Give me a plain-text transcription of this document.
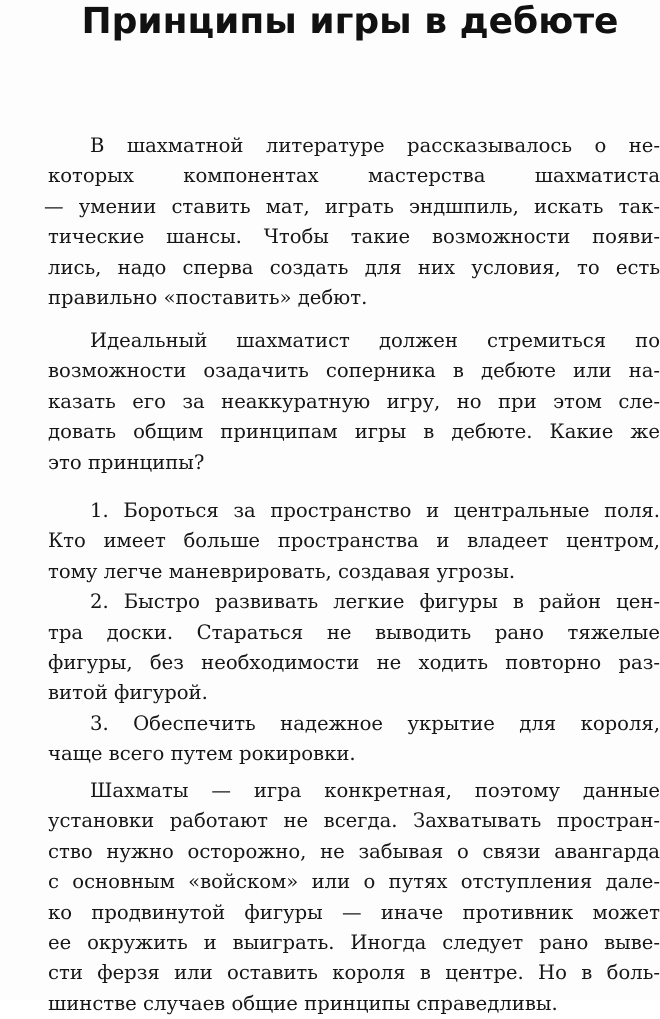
Принципы игры в дебюте
В шахматной литературе рассказывалось о не-
которых компонентах мастерства шахматиста
— умении ставить мат, играть эндшпиль, искать так-
тические шансы. Чтобы такие возможности появи-
лись, надо сперва создать для них условия, то есть
правильно «поставить» дебют.
Идеальный шахматист должен стремиться по
возможности озадачить соперника в дебюте или на-
казать его за неаккуратную игру, но при этом сле-
довать общим принципам игры в дебюте. Какие же
это принципы?
1. Бороться за пространство и центральные поля.
Кто имеет больше пространства и владеет центром,
тому легче маневрировать, создавая угрозы.
2. Быстро развивать легкие фигуры в район цен-
тра доски. Стараться не выводить рано тяжелые
фигуры, без необходимости не ходить повторно раз-
витой фигурой.
3. Обеспечить надежное укрытие для короля,
чаще всего путем рокировки.
Шахматы — игра конкретная, поэтому данные
установки работают не всегда. Захватывать простран-
ство нужно осторожно, не забывая о связи авангарда
с основным «войском» или о путях отступления дале-
ко продвинутой фигуры — иначе противник может
ее окружить и выиграть. Иногда следует рано выве-
сти ферзя или оставить короля в центре. Но в боль-
шинстве случаев общие принципы справедливы.
